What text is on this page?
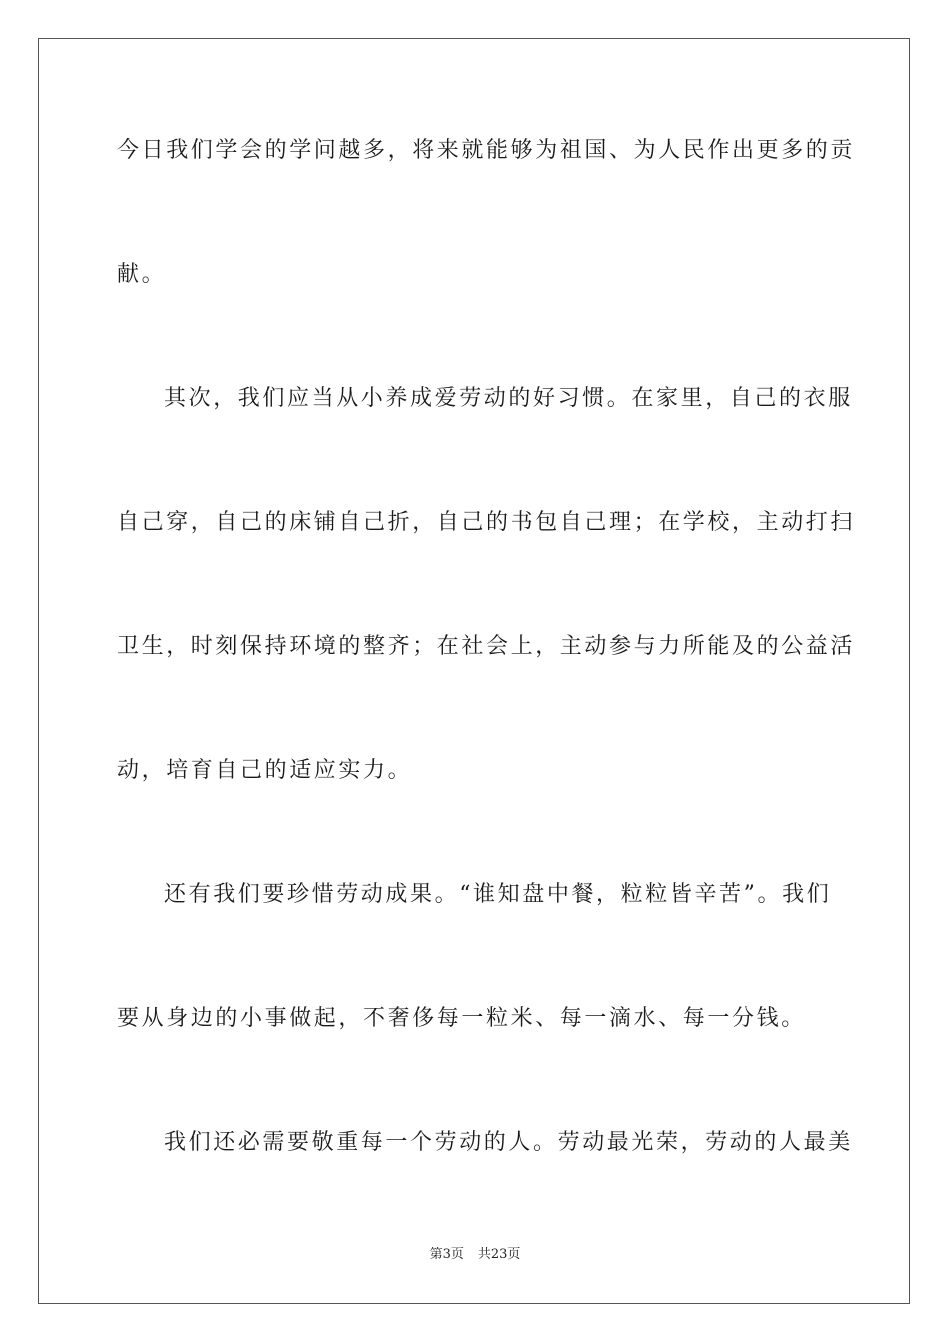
今日我们学会的学问越多，将来就能够为祖国、为人民作出更多的贡
献。
其次，我们应当从小养成爱劳动的好习惯。在家里，自己的衣服
自己穿，自己的床铺自己折，自己的书包自己理；在学校，主动打扫
卫生，时刻保持环境的整齐；在社会上，主动参与力所能及的公益活
动，培育自己的适应实力。
还有我们要珍惜劳动成果。“谁知盘中餐，粒粒皆辛苦”。我们
要从身边的小事做起，不奢侈每一粒米、每一滴水、每一分钱。
我们还必需要敬重每一个劳动的人。劳动最光荣，劳动的人最美
第3页 共23页
